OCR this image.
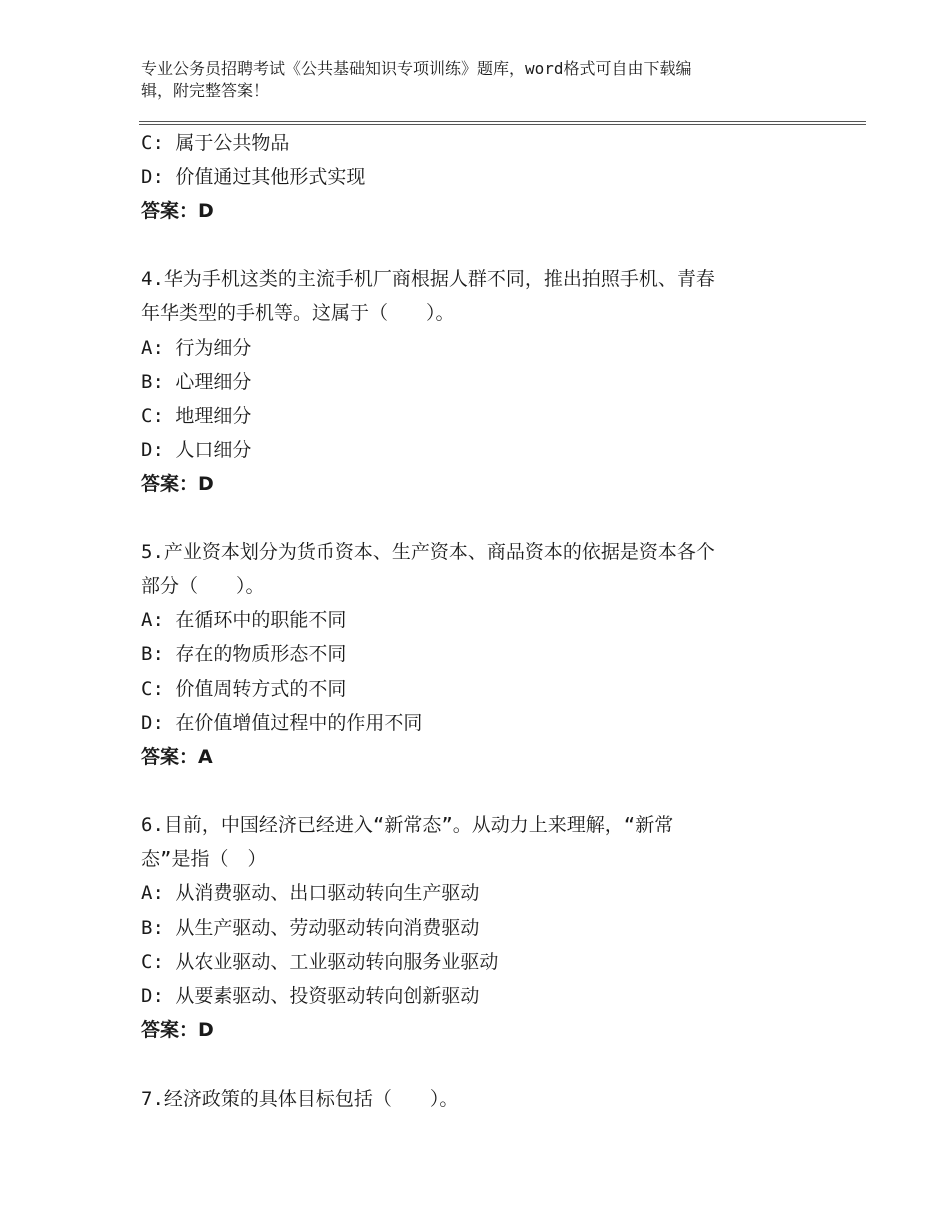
专业公务员招聘考试《公共基础知识专项训练》题库，word格式可自由下载编
辑，附完整答案！
C: 属于公共物品
D: 价值通过其他形式实现
答案：D
4.华为手机这类的主流手机厂商根据人群不同，推出拍照手机、青春
年华类型的手机等。这属于（　　）。
A: 行为细分
B: 心理细分
C: 地理细分
D: 人口细分
答案：D
5.产业资本划分为货币资本、生产资本、商品资本的依据是资本各个
部分（　　）。
A: 在循环中的职能不同
B: 存在的物质形态不同
C: 价值周转方式的不同
D: 在价值增值过程中的作用不同
答案：A
6.目前，中国经济已经进入“新常态”。从动力上来理解，“新常
态”是指（　）
A: 从消费驱动、出口驱动转向生产驱动
B: 从生产驱动、劳动驱动转向消费驱动
C: 从农业驱动、工业驱动转向服务业驱动
D: 从要素驱动、投资驱动转向创新驱动
答案：D
7.经济政策的具体目标包括（　　）。
